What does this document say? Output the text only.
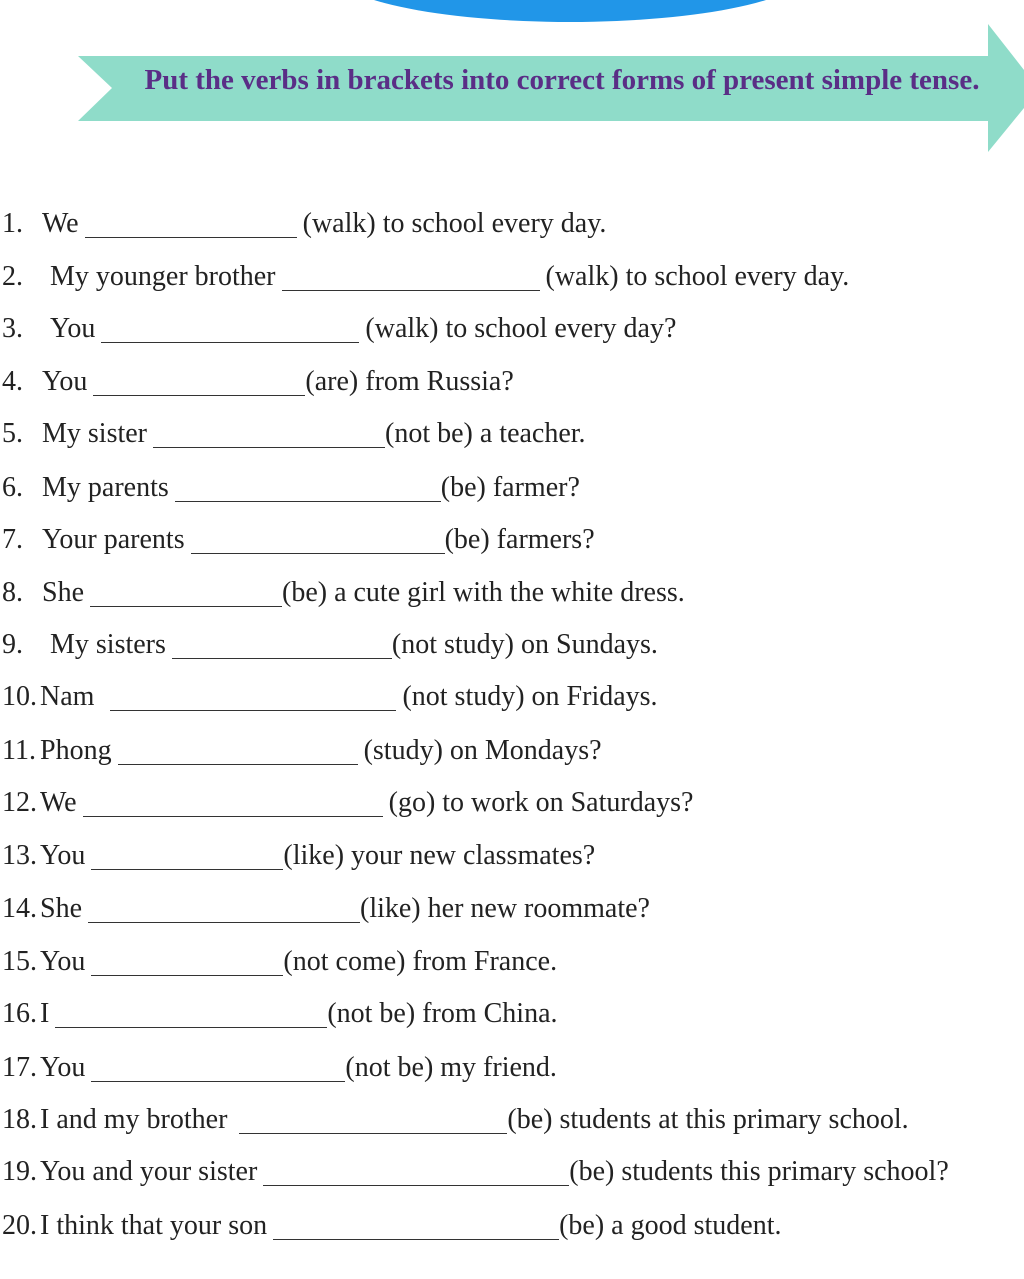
Put the verbs in brackets into correct forms of present simple tense.
1. We	(walk) to school every day.
2. My younger brother	(walk) to school every day.
3. You	(walk) to school every day?
4. You	(are) from Russia?
5. My sister	(not be) a teacher.
6. My parents	(be) farmer?
7. Your parents	(be) farmers?
8. She	(be) a cute girl with the white dress.
9. My sisters	(not study) on Sundays.
10. Nam	(not study) on Fridays.
11. Phong	(study) on Mondays?
12. We	(go) to work on Saturdays?
13. You	(like) your new classmates?
14. She	(like) her new roommate?
15. You	(not come) from France.
16. I	(not be) from China.
17. You	(not be) my friend.
18. I and my brother	(be) students at this primary school.
19. You and your sister	(be) students this primary school?
20. I think that your son	(be) a good student.
